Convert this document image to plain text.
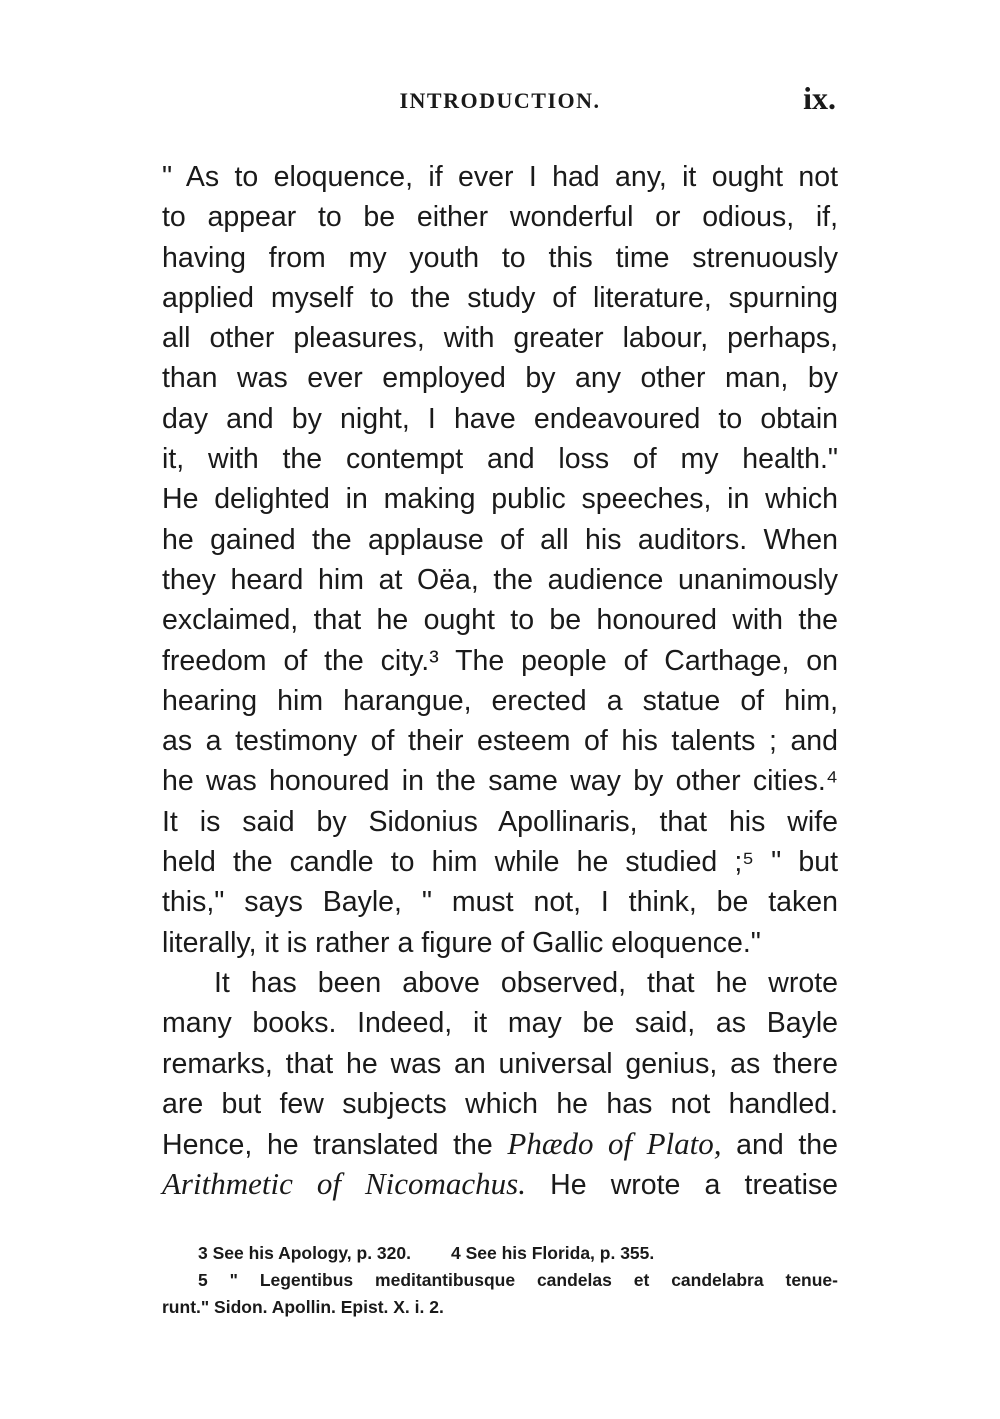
INTRODUCTION.	ix.
" As to eloquence, if ever I had any, it ought not
to appear to be either wonderful or odious, if,
having from my youth to this time strenuously
applied myself to the study of literature, spurning
all other pleasures, with greater labour, perhaps,
than was ever employed by any other man, by
day and by night, I have endeavoured to obtain
it, with the contempt and loss of my health."
He delighted in making public speeches, in which
he gained the applause of all his auditors. When
they heard him at Oëa, the audience unanimously
exclaimed, that he ought to be honoured with the
freedom of the city.³ The people of Carthage, on
hearing him harangue, erected a statue of him,
as a testimony of their esteem of his talents ; and
he was honoured in the same way by other cities.⁴
It is said by Sidonius Apollinaris, that his wife
held the candle to him while he studied ;⁵ " but
this," says Bayle, " must not, I think, be taken
literally, it is rather a figure of Gallic eloquence."
It has been above observed, that he wrote
many books. Indeed, it may be said, as Bayle
remarks, that he was an universal genius, as there
are but few subjects which he has not handled.
Hence, he translated the Phædo of Plato, and the
Arithmetic of Nicomachus. He wrote a treatise
3 See his Apology, p. 320. 4 See his Florida, p. 355.
5 " Legentibus meditantibusque candelas et candelabra tenue-
runt." Sidon. Apollin. Epist. X. i. 2.
